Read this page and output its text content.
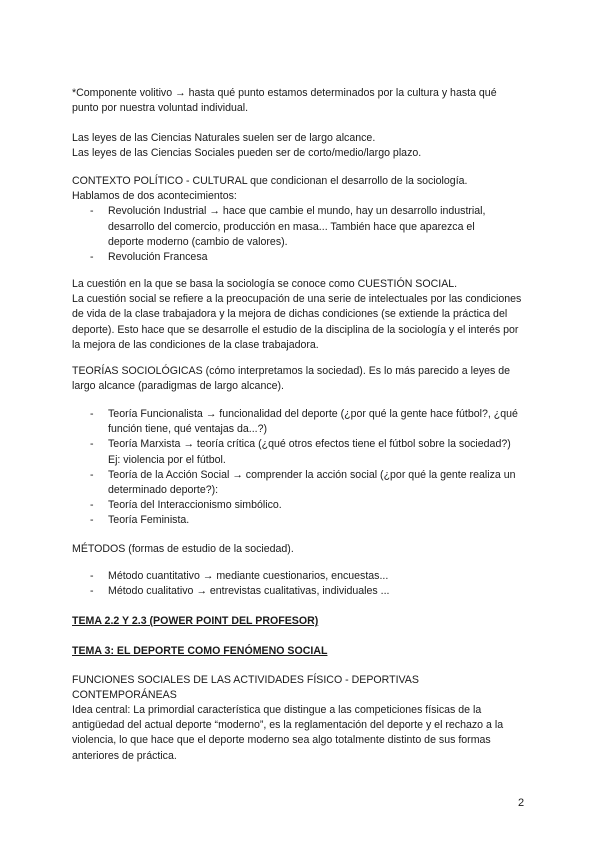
*Componente volitivo → hasta qué punto estamos determinados por la cultura y hasta qué

punto por nuestra voluntad individual.

Las leyes de las Ciencias Naturales suelen ser de largo alcance.

Las leyes de las Ciencias Sociales pueden ser de corto/medio/largo plazo.

CONTEXTO POLÍTICO - CULTURAL que condicionan el desarrollo de la sociología.

Hablamos de dos acontecimientos:

- Revolución Industrial → hace que cambie el mundo, hay un desarrollo industrial, desarrollo del comercio, producción en masa... También hace que aparezca el deporte moderno (cambio de valores).
- Revolución Francesa

La cuestión en la que se basa la sociología se conoce como CUESTIÓN SOCIAL.

La cuestión social se refiere a la preocupación de una serie de intelectuales por las condiciones de vida de la clase trabajadora y la mejora de dichas condiciones (se extiende la práctica del deporte). Esto hace que se desarrolle el estudio de la disciplina de la sociología y el interés por la mejora de las condiciones de la clase trabajadora.

TEORÍAS SOCIOLÓGICAS (cómo interpretamos la sociedad). Es lo más parecido a leyes de largo alcance (paradigmas de largo alcance).

- Teoría Funcionalista → funcionalidad del deporte (¿por qué la gente hace fútbol?, ¿qué función tiene, qué ventajas da...?)
- Teoría Marxista → teoría crítica (¿qué otros efectos tiene el fútbol sobre la sociedad?) Ej: violencia por el fútbol.
- Teoría de la Acción Social → comprender la acción social (¿por qué la gente realiza un determinado deporte?):
- Teoría del Interaccionismo simbólico.
- Teoría Feminista.

MÉTODOS (formas de estudio de la sociedad).

- Método cuantitativo → mediante cuestionarios, encuestas...
- Método cualitativo → entrevistas cualitativas, individuales ...

TEMA 2.2 Y 2.3 (POWER POINT DEL PROFESOR)

TEMA 3: EL DEPORTE COMO FENÓMENO SOCIAL

FUNCIONES SOCIALES DE LAS ACTIVIDADES FÍSICO - DEPORTIVAS CONTEMPORÁNEAS

Idea central: La primordial característica que distingue a las competiciones físicas de la antigüedad del actual deporte “moderno”, es la reglamentación del deporte y el rechazo a la violencia, lo que hace que el deporte moderno sea algo totalmente distinto de sus formas anteriores de práctica.

2
